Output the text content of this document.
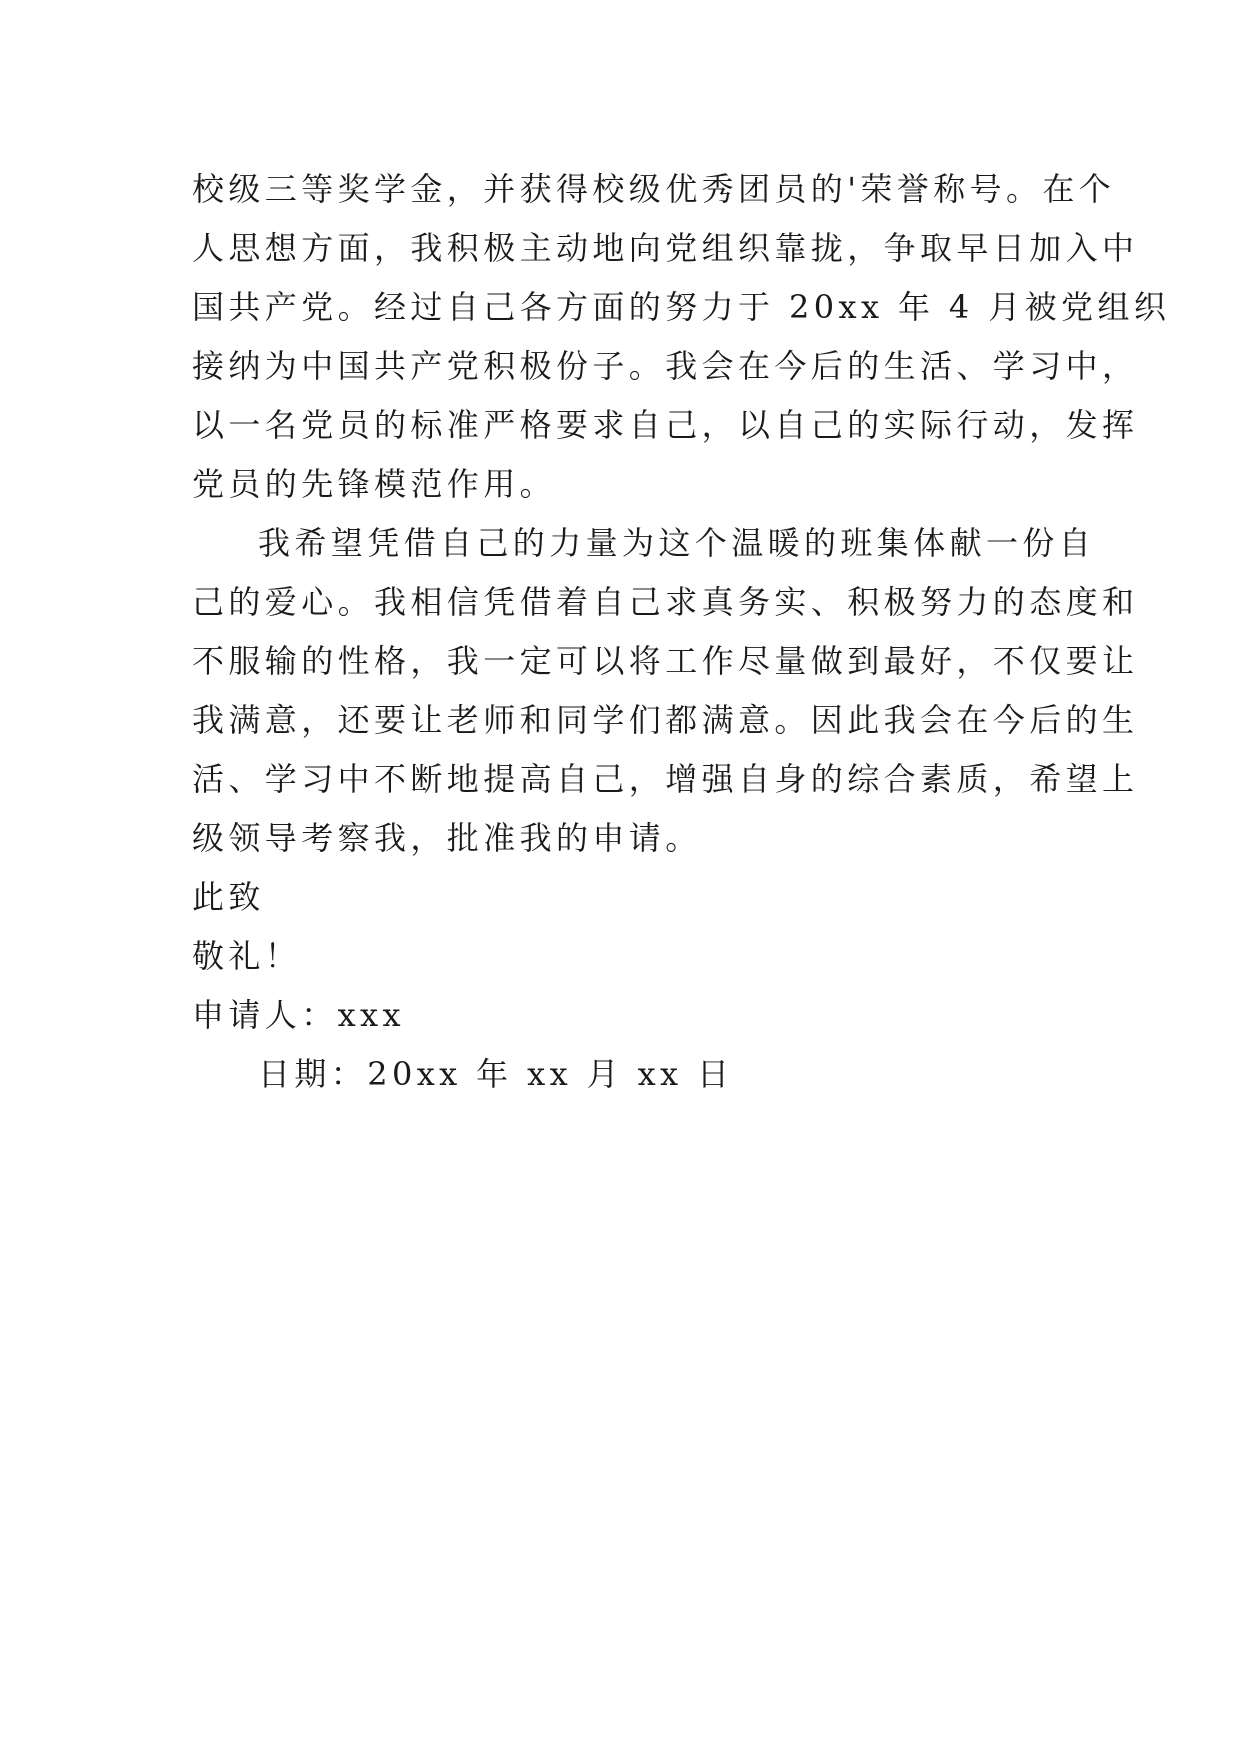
校级三等奖学金，并获得校级优秀团员的'荣誉称号。在个
人思想方面，我积极主动地向党组织靠拢，争取早日加入中
国共产党。经过自己各方面的努力于 20xx 年 4 月被党组织
接纳为中国共产党积极份子。我会在今后的生活、学习中，
以一名党员的标准严格要求自己，以自己的实际行动，发挥
党员的先锋模范作用。
我希望凭借自己的力量为这个温暖的班集体献一份自
己的爱心。我相信凭借着自己求真务实、积极努力的态度和
不服输的性格，我一定可以将工作尽量做到最好，不仅要让
我满意，还要让老师和同学们都满意。因此我会在今后的生
活、学习中不断地提高自己，增强自身的综合素质，希望上
级领导考察我，批准我的申请。
此致
敬礼！
申请人：xxx
日期：20xx 年 xx 月 xx 日
